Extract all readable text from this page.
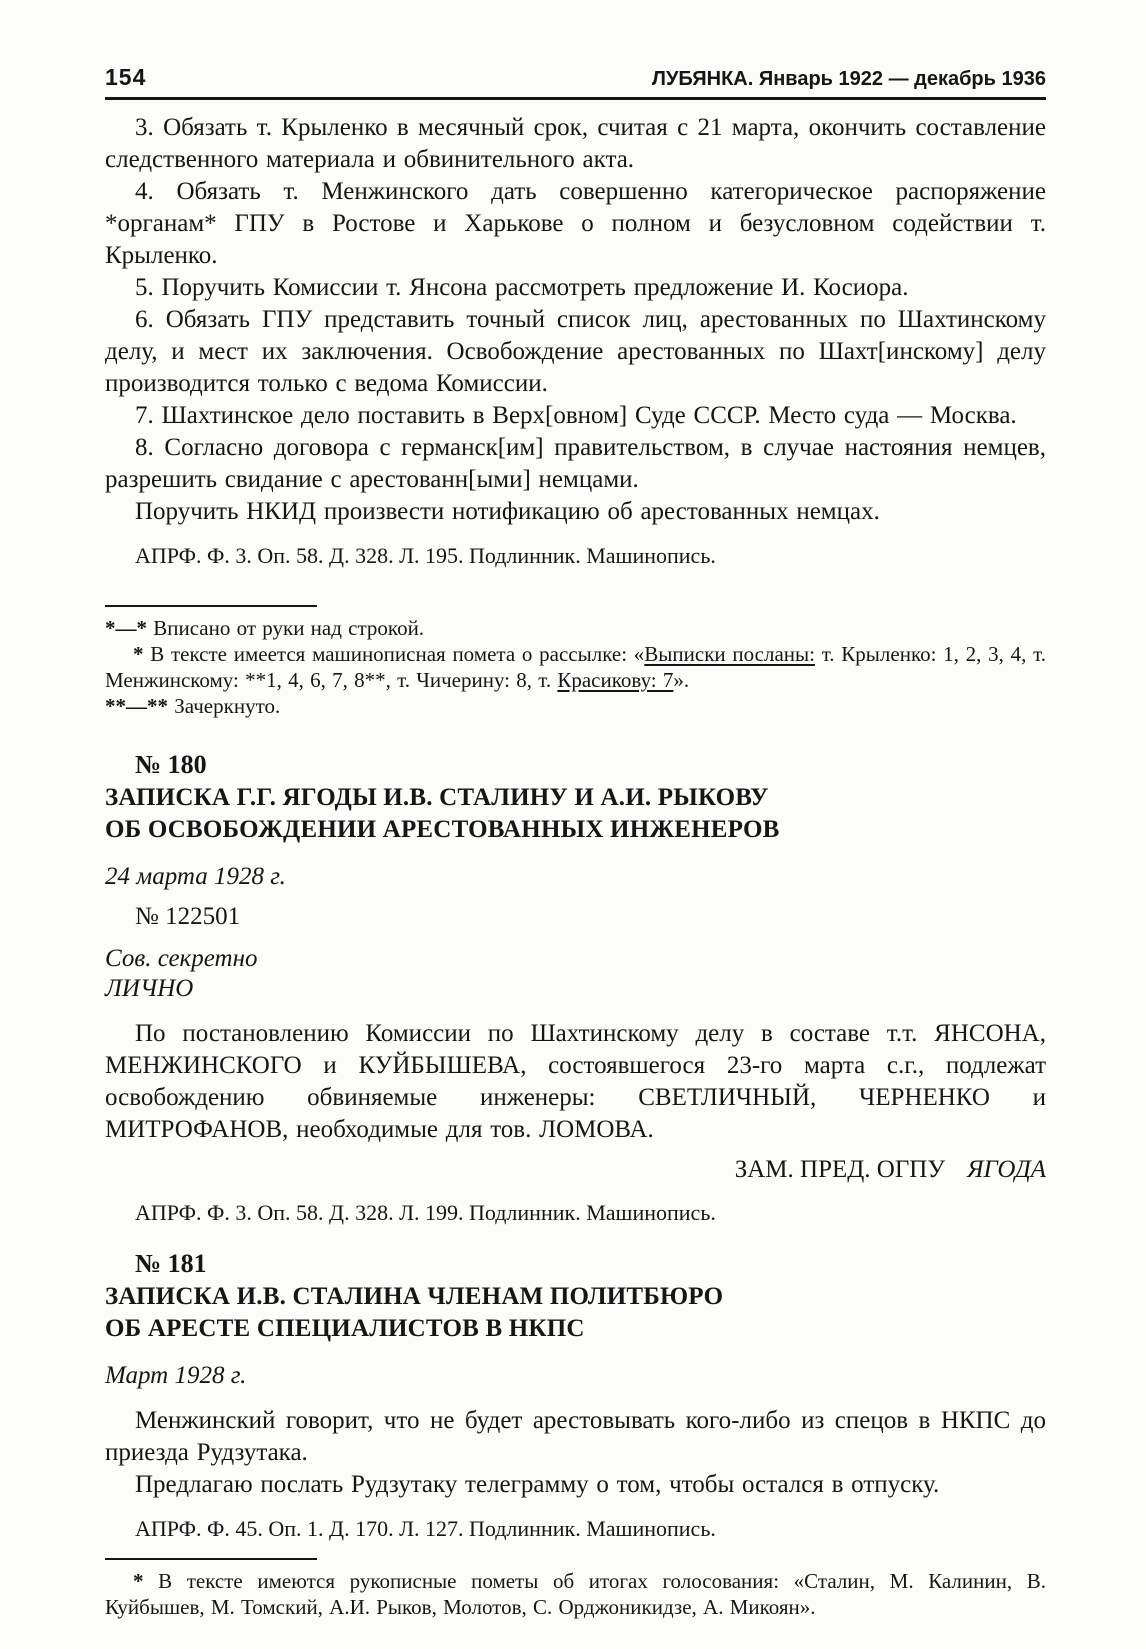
154	ЛУБЯНКА. Январь 1922 — декабрь 1936

3. Обязать т. Крыленко в месячный срок, считая с 21 марта, окончить составление следственного материала и обвинительного акта.

4. Обязать т. Менжинского дать совершенно категорическое распоряжение *органам* ГПУ в Ростове и Харькове о полном и безусловном содействии т. Крыленко.

5. Поручить Комиссии т. Янсона рассмотреть предложение И. Косиора.

6. Обязать ГПУ представить точный список лиц, арестованных по Шахтинскому делу, и мест их заключения. Освобождение арестованных по Шахт[инскому] делу производится только с ведома Комиссии.

7. Шахтинское дело поставить в Верх[овном] Суде СССР. Место суда — Москва.

8. Согласно договора с германск[им] правительством, в случае настояния немцев, разрешить свидание с арестованн[ыми] немцами.

Поручить НКИД произвести нотификацию об арестованных немцах.

АПРФ. Ф. 3. Оп. 58. Д. 328. Л. 195. Подлинник. Машинопись.

*—* Вписано от руки над строкой.

* В тексте имеется машинописная помета о рассылке: «Выписки посланы: т. Крыленко: 1, 2, 3, 4, т. Менжинскому: **1, 4, 6, 7, 8**, т. Чичерину: 8, т. Красикову: 7».

**—** Зачеркнуто.

№ 180
ЗАПИСКА Г.Г. ЯГОДЫ И.В. СТАЛИНУ И А.И. РЫКОВУ
ОБ ОСВОБОЖДЕНИИ АРЕСТОВАННЫХ ИНЖЕНЕРОВ

24 марта 1928 г.

№ 122501

Сов. секретно

ЛИЧНО

По постановлению Комиссии по Шахтинскому делу в составе т.т. ЯНСОНА, МЕНЖИНСКОГО и КУЙБЫШЕВА, состоявшегося 23-го марта с.г., подлежат освобождению обвиняемые инженеры: СВЕТЛИЧНЫЙ, ЧЕРНЕНКО и МИТРОФАНОВ, необходимые для тов. ЛОМОВА.

ЗАМ. ПРЕД. ОГПУ ЯГОДА

АПРФ. Ф. 3. Оп. 58. Д. 328. Л. 199. Подлинник. Машинопись.

№ 181
ЗАПИСКА И.В. СТАЛИНА ЧЛЕНАМ ПОЛИТБЮРО
ОБ АРЕСТЕ СПЕЦИАЛИСТОВ В НКПС

Март 1928 г.

Менжинский говорит, что не будет арестовывать кого-либо из спецов в НКПС до приезда Рудзутака.

Предлагаю послать Рудзутаку телеграмму о том, чтобы остался в отпуску.

АПРФ. Ф. 45. Оп. 1. Д. 170. Л. 127. Подлинник. Машинопись.

* В тексте имеются рукописные пометы об итогах голосования: «Сталин, М. Калинин, В. Куйбышев, М. Томский, А.И. Рыков, Молотов, С. Орджоникидзе, А. Микоян».
